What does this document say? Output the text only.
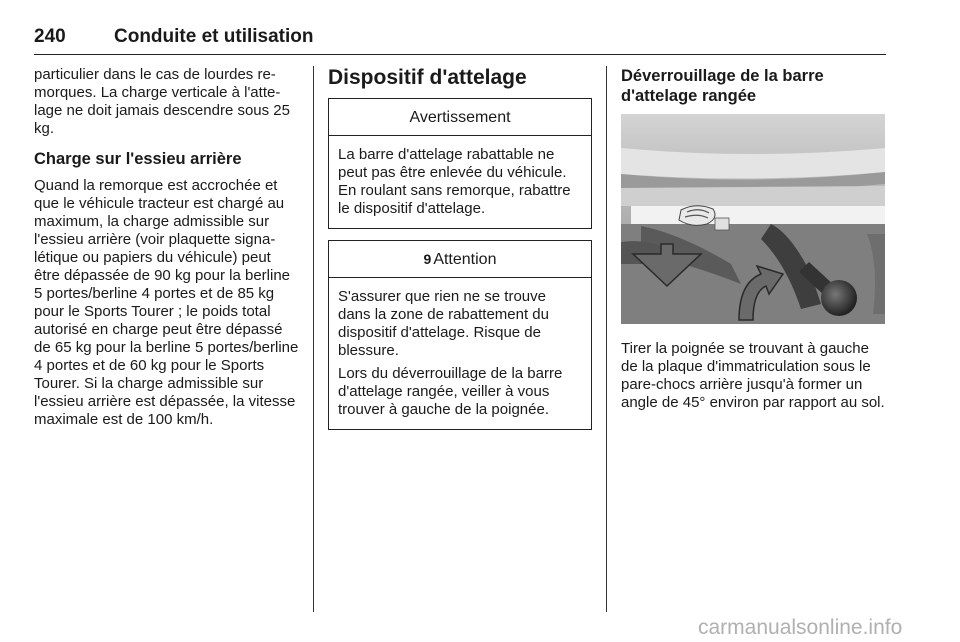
240	Conduite et utilisation

particulier dans le cas de lourdes remorques. La charge verticale à l'attelage ne doit jamais descendre sous 25 kg.

Charge sur l'essieu arrière

Quand la remorque est accrochée et que le véhicule tracteur est chargé au maximum, la charge admissible sur l'essieu arrière (voir plaquette signalétique ou papiers du véhicule) peut être dépassée de 90 kg pour la berline 5 portes/berline 4 portes et de 85 kg pour le Sports Tourer ; le poids total autorisé en charge peut être dépassé de 65 kg pour la berline 5 portes/berline 4 portes et de 60 kg pour le Sports Tourer. Si la charge admissible sur l'essieu arrière est dépassée, la vitesse maximale est de 100 km/h.

Dispositif d'attelage
Avertissement

La barre d'attelage rabattable ne peut pas être enlevée du véhicule. En roulant sans remorque, rabattre le dispositif d'attelage.

9 Attention

S'assurer que rien ne se trouve dans la zone de rabattement du dispositif d'attelage. Risque de blessure.

Lors du déverrouillage de la barre d'attelage rangée, veiller à vous trouver à gauche de la poignée.

Déverrouillage de la barre d'attelage rangée

Tirer la poignée se trouvant à gauche de la plaque d'immatriculation sous le pare-chocs arrière jusqu'à former un angle de 45° environ par rapport au sol.

carmanualsonline.info
